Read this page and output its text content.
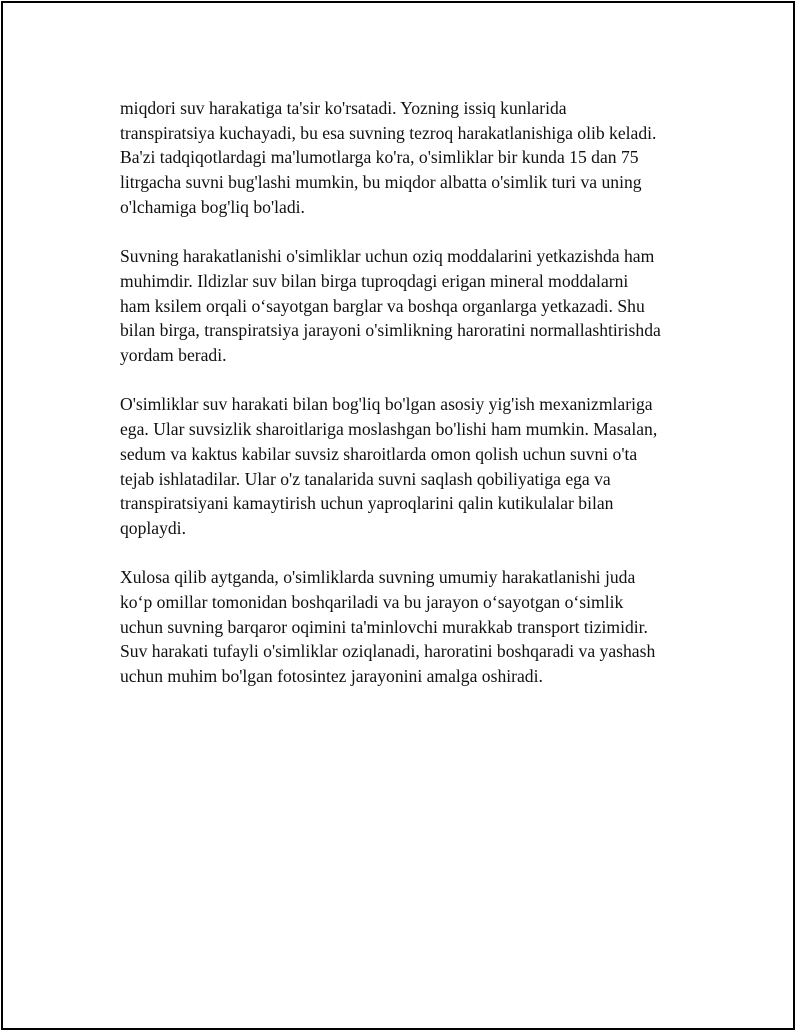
miqdori suv harakatiga ta'sir ko'rsatadi. Yozning issiq kunlarida
transpiratsiya kuchayadi, bu esa suvning tezroq harakatlanishiga olib keladi.
Ba'zi tadqiqotlardagi ma'lumotlarga ko'ra, o'simliklar bir kunda 15 dan 75
litrgacha suvni bug'lashi mumkin, bu miqdor albatta o'simlik turi va uning
o'lchamiga bog'liq bo'ladi.

Suvning harakatlanishi o'simliklar uchun oziq moddalarini yetkazishda ham
muhimdir. Ildizlar suv bilan birga tuproqdagi erigan mineral moddalarni
ham ksilem orqali o‘sayotgan barglar va boshqa organlarga yetkazadi. Shu
bilan birga, transpiratsiya jarayoni o'simlikning haroratini normallashtirishda
yordam beradi.

O'simliklar suv harakati bilan bog'liq bo'lgan asosiy yig'ish mexanizmlariga
ega. Ular suvsizlik sharoitlariga moslashgan bo'lishi ham mumkin. Masalan,
sedum va kaktus kabilar suvsiz sharoitlarda omon qolish uchun suvni o'ta
tejab ishlatadilar. Ular o'z tanalarida suvni saqlash qobiliyatiga ega va
transpiratsiyani kamaytirish uchun yaproqlarini qalin kutikulalar bilan
qoplaydi.

Xulosa qilib aytganda, o'simliklarda suvning umumiy harakatlanishi juda
ko‘p omillar tomonidan boshqariladi va bu jarayon o‘sayotgan o‘simlik
uchun suvning barqaror oqimini ta'minlovchi murakkab transport tizimidir.
Suv harakati tufayli o'simliklar oziqlanadi, haroratini boshqaradi va yashash
uchun muhim bo'lgan fotosintez jarayonini amalga oshiradi.
